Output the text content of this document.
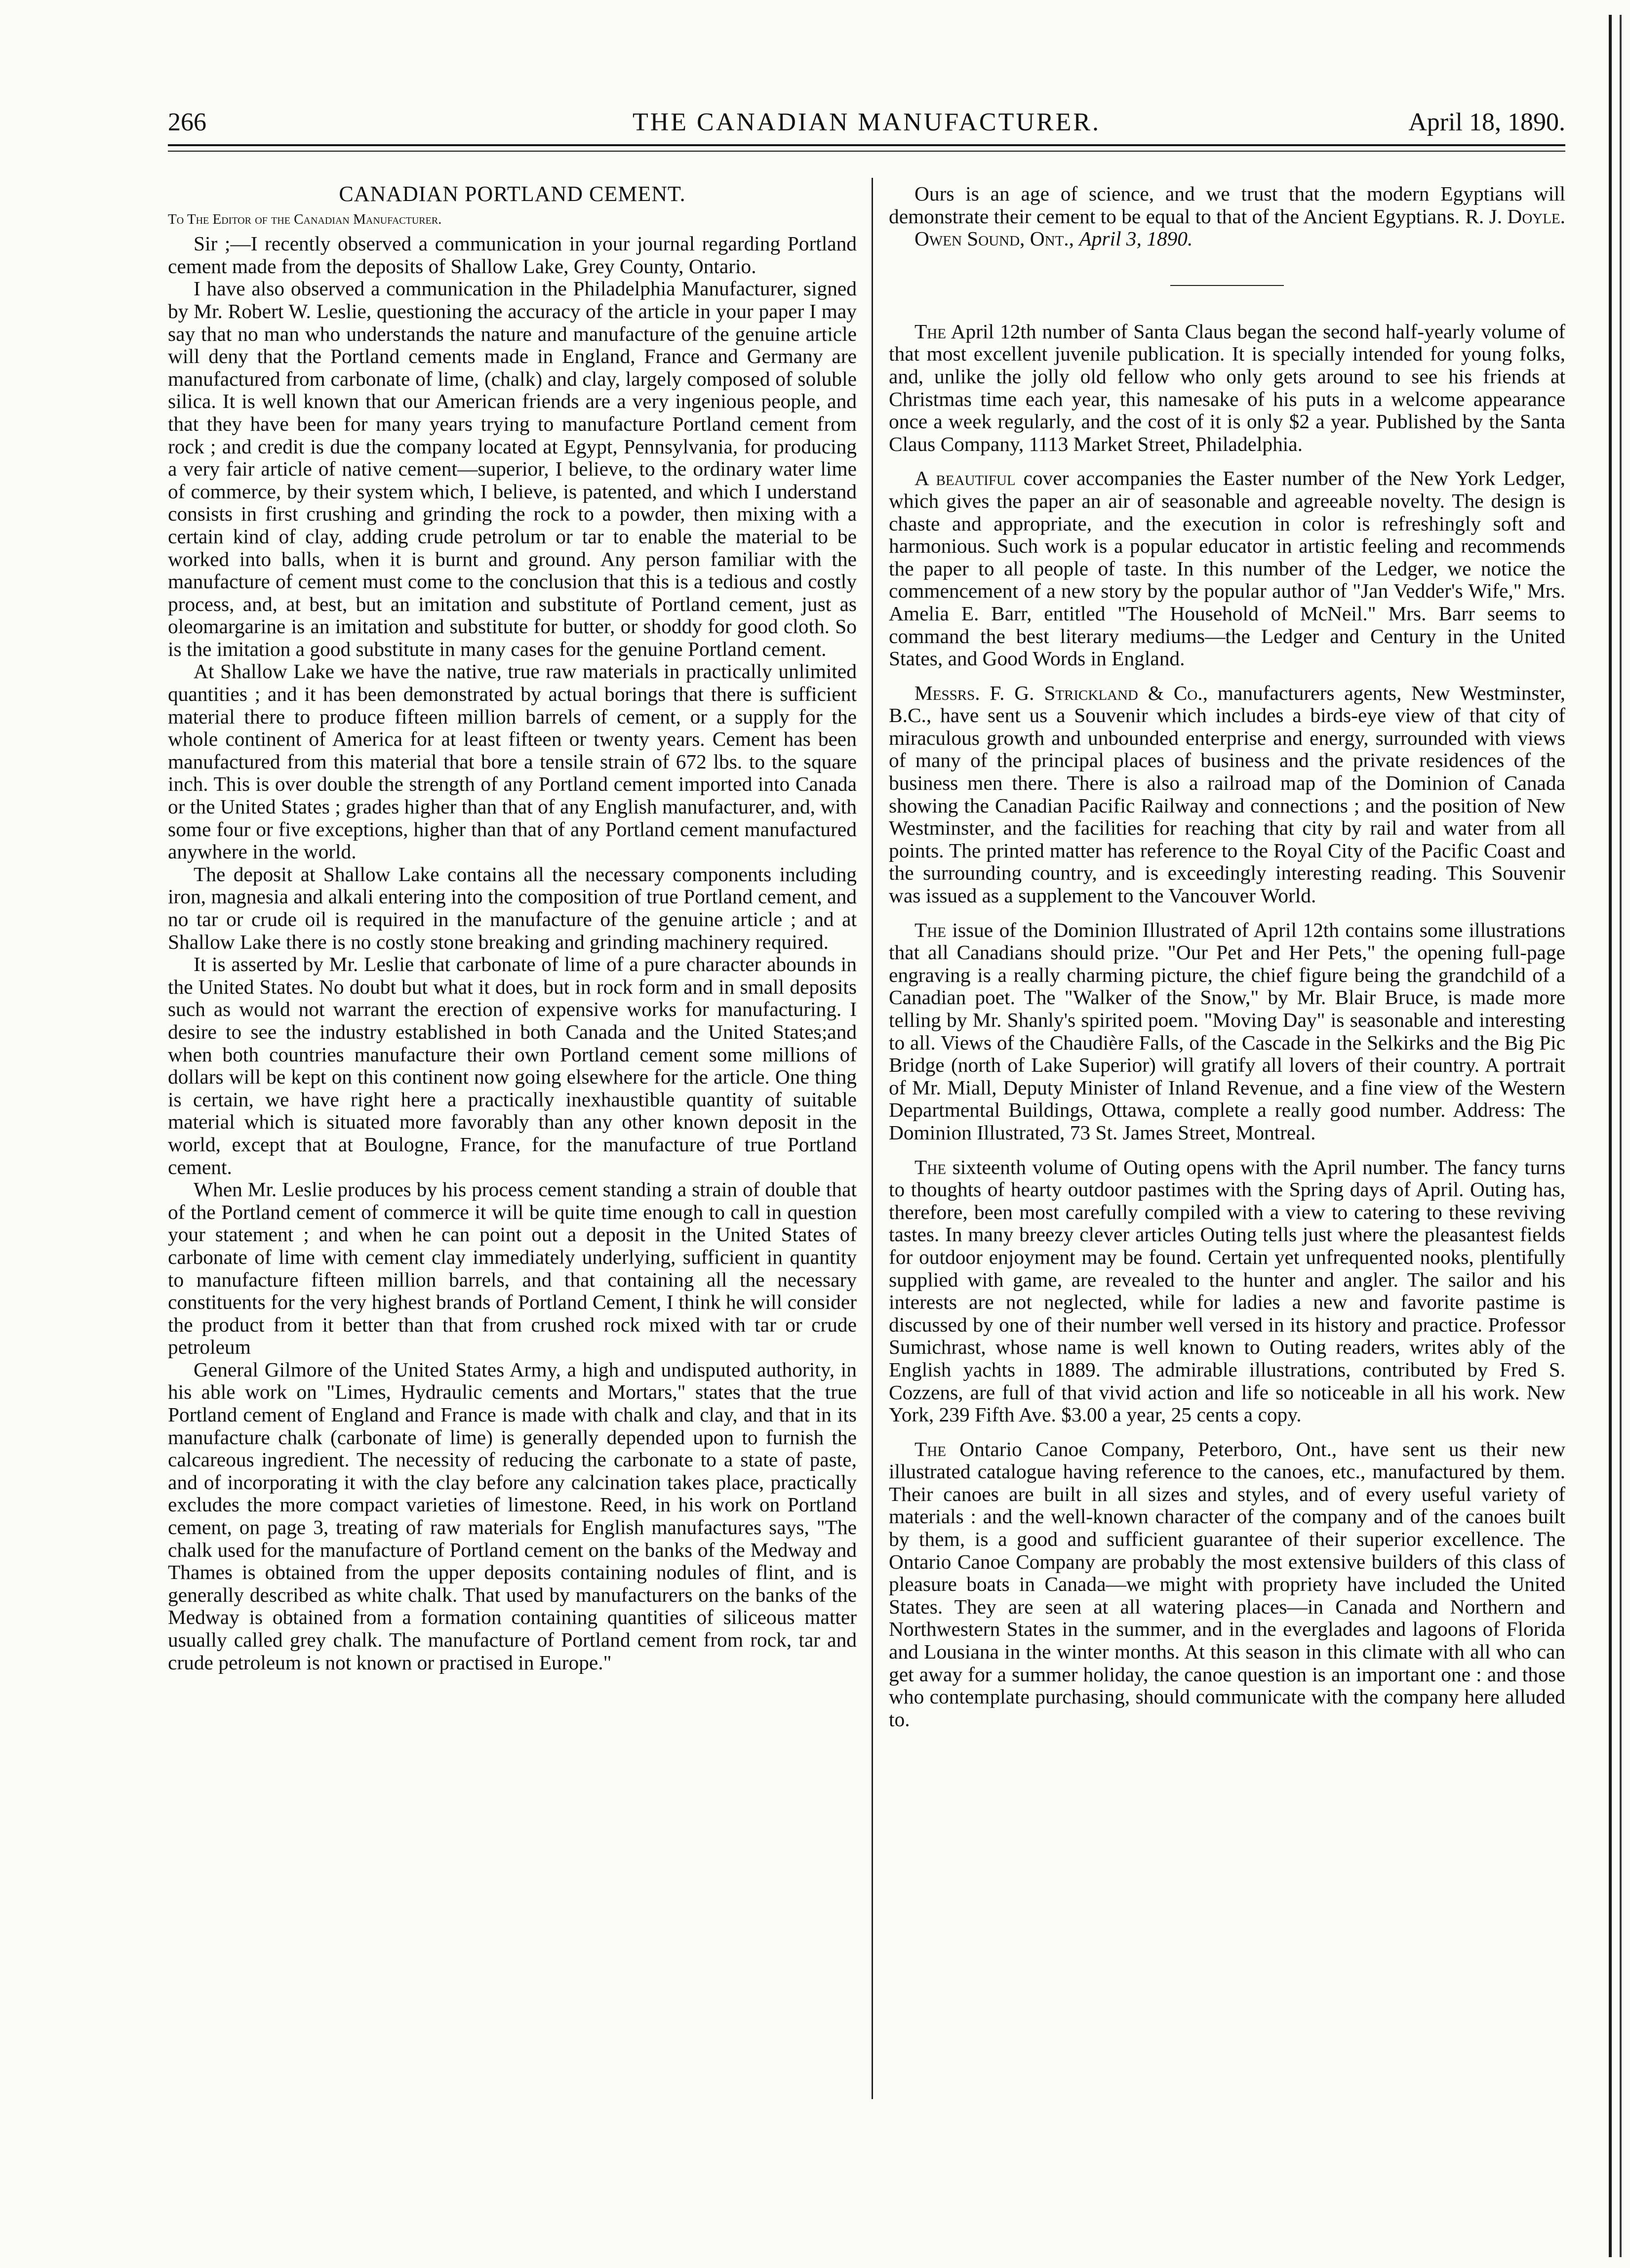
266	THE CANADIAN MANUFACTURER.	April 18, 1890.

CANADIAN PORTLAND CEMENT.

To The Editor of the Canadian Manufacturer.

Sir ;—I recently observed a communication in your journal regarding Portland cement made from the deposits of Shallow Lake, Grey County, Ontario.

I have also observed a communication in the Philadelphia Manufacturer, signed by Mr. Robert W. Leslie, questioning the accuracy of the article in your paper I may say that no man who understands the nature and manufacture of the genuine article will deny that the Portland cements made in England, France and Germany are manufactured from carbonate of lime, (chalk) and clay, largely composed of soluble silica. It is well known that our American friends are a very ingenious people, and that they have been for many years trying to manufacture Portland cement from rock ; and credit is due the company located at Egypt, Pennsylvania, for producing a very fair article of native cement—superior, I believe, to the ordinary water lime of commerce, by their system which, I believe, is patented, and which I understand consists in first crushing and grinding the rock to a powder, then mixing with a certain kind of clay, adding crude petrolum or tar to enable the material to be worked into balls, when it is burnt and ground. Any person familiar with the manufacture of cement must come to the conclusion that this is a tedious and costly process, and, at best, but an imitation and substitute of Portland cement, just as oleomargarine is an imitation and substitute for butter, or shoddy for good cloth. So is the imitation a good substitute in many cases for the genuine Portland cement.

At Shallow Lake we have the native, true raw materials in practically unlimited quantities ; and it has been demonstrated by actual borings that there is sufficient material there to produce fifteen million barrels of cement, or a supply for the whole continent of America for at least fifteen or twenty years. Cement has been manufactured from this material that bore a tensile strain of 672 lbs. to the square inch. This is over double the strength of any Portland cement imported into Canada or the United States ; grades higher than that of any English manufacturer, and, with some four or five exceptions, higher than that of any Portland cement manufactured anywhere in the world.

The deposit at Shallow Lake contains all the necessary components including iron, magnesia and alkali entering into the composition of true Portland cement, and no tar or crude oil is required in the manufacture of the genuine article ; and at Shallow Lake there is no costly stone breaking and grinding machinery required.

It is asserted by Mr. Leslie that carbonate of lime of a pure character abounds in the United States. No doubt but what it does, but in rock form and in small deposits such as would not warrant the erection of expensive works for manufacturing. I desire to see the industry established in both Canada and the United States;and when both countries manufacture their own Portland cement some millions of dollars will be kept on this continent now going elsewhere for the article. One thing is certain, we have right here a practically inexhaustible quantity of suitable material which is situated more favorably than any other known deposit in the world, except that at Boulogne, France, for the manufacture of true Portland cement.

When Mr. Leslie produces by his process cement standing a strain of double that of the Portland cement of commerce it will be quite time enough to call in question your statement ; and when he can point out a deposit in the United States of carbonate of lime with cement clay immediately underlying, sufficient in quantity to manufacture fifteen million barrels, and that containing all the necessary constituents for the very highest brands of Portland Cement, I think he will consider the product from it better than that from crushed rock mixed with tar or crude petroleum

General Gilmore of the United States Army, a high and undisputed authority, in his able work on "Limes, Hydraulic cements and Mortars," states that the true Portland cement of England and France is made with chalk and clay, and that in its manufacture chalk (carbonate of lime) is generally depended upon to furnish the calcareous ingredient. The necessity of reducing the carbonate to a state of paste, and of incorporating it with the clay before any calcination takes place, practically excludes the more compact varieties of limestone. Reed, in his work on Portland cement, on page 3, treating of raw materials for English manufactures says, "The chalk used for the manufacture of Portland cement on the banks of the Medway and Thames is obtained from the upper deposits containing nodules of flint, and is generally described as white chalk. That used by manufacturers on the banks of the Medway is obtained from a formation containing quantities of siliceous matter usually called grey chalk. The manufacture of Portland cement from rock, tar and crude petroleum is not known or practised in Europe."

Ours is an age of science, and we trust that the modern Egyptians will demonstrate their cement to be equal to that of the Ancient Egyptians. R. J. Doyle.

Owen Sound, Ont., April 3, 1890.

The April 12th number of Santa Claus began the second half-yearly volume of that most excellent juvenile publication. It is specially intended for young folks, and, unlike the jolly old fellow who only gets around to see his friends at Christmas time each year, this namesake of his puts in a welcome appearance once a week regularly, and the cost of it is only $2 a year. Published by the Santa Claus Company, 1113 Market Street, Philadelphia.

A beautiful cover accompanies the Easter number of the New York Ledger, which gives the paper an air of seasonable and agreeable novelty. The design is chaste and appropriate, and the execution in color is refreshingly soft and harmonious. Such work is a popular educator in artistic feeling and recommends the paper to all people of taste. In this number of the Ledger, we notice the commencement of a new story by the popular author of "Jan Vedder's Wife," Mrs. Amelia E. Barr, entitled "The Household of McNeil." Mrs. Barr seems to command the best literary mediums—the Ledger and Century in the United States, and Good Words in England.

Messrs. F. G. Strickland & Co., manufacturers agents, New Westminster, B.C., have sent us a Souvenir which includes a birds-eye view of that city of miraculous growth and unbounded enterprise and energy, surrounded with views of many of the principal places of business and the private residences of the business men there. There is also a railroad map of the Dominion of Canada showing the Canadian Pacific Railway and connections ; and the position of New Westminster, and the facilities for reaching that city by rail and water from all points. The printed matter has reference to the Royal City of the Pacific Coast and the surrounding country, and is exceedingly interesting reading. This Souvenir was issued as a supplement to the Vancouver World.

The issue of the Dominion Illustrated of April 12th contains some illustrations that all Canadians should prize. "Our Pet and Her Pets," the opening full-page engraving is a really charming picture, the chief figure being the grandchild of a Canadian poet. The "Walker of the Snow," by Mr. Blair Bruce, is made more telling by Mr. Shanly's spirited poem. "Moving Day" is seasonable and interesting to all. Views of the Chaudière Falls, of the Cascade in the Selkirks and the Big Pic Bridge (north of Lake Superior) will gratify all lovers of their country. A portrait of Mr. Miall, Deputy Minister of Inland Revenue, and a fine view of the Western Departmental Buildings, Ottawa, complete a really good number. Address: The Dominion Illustrated, 73 St. James Street, Montreal.

The sixteenth volume of Outing opens with the April number. The fancy turns to thoughts of hearty outdoor pastimes with the Spring days of April. Outing has, therefore, been most carefully compiled with a view to catering to these reviving tastes. In many breezy clever articles Outing tells just where the pleasantest fields for outdoor enjoyment may be found. Certain yet unfrequented nooks, plentifully supplied with game, are revealed to the hunter and angler. The sailor and his interests are not neglected, while for ladies a new and favorite pastime is discussed by one of their number well versed in its history and practice. Professor Sumichrast, whose name is well known to Outing readers, writes ably of the English yachts in 1889. The admirable illustrations, contributed by Fred S. Cozzens, are full of that vivid action and life so noticeable in all his work. New York, 239 Fifth Ave. $3.00 a year, 25 cents a copy.

The Ontario Canoe Company, Peterboro, Ont., have sent us their new illustrated catalogue having reference to the canoes, etc., manufactured by them. Their canoes are built in all sizes and styles, and of every useful variety of materials : and the well-known character of the company and of the canoes built by them, is a good and sufficient guarantee of their superior excellence. The Ontario Canoe Company are probably the most extensive builders of this class of pleasure boats in Canada—we might with propriety have included the United States. They are seen at all watering places—in Canada and Northern and Northwestern States in the summer, and in the everglades and lagoons of Florida and Lousiana in the winter months. At this season in this climate with all who can get away for a summer holiday, the canoe question is an important one : and those who contemplate purchasing, should communicate with the company here alluded to.
